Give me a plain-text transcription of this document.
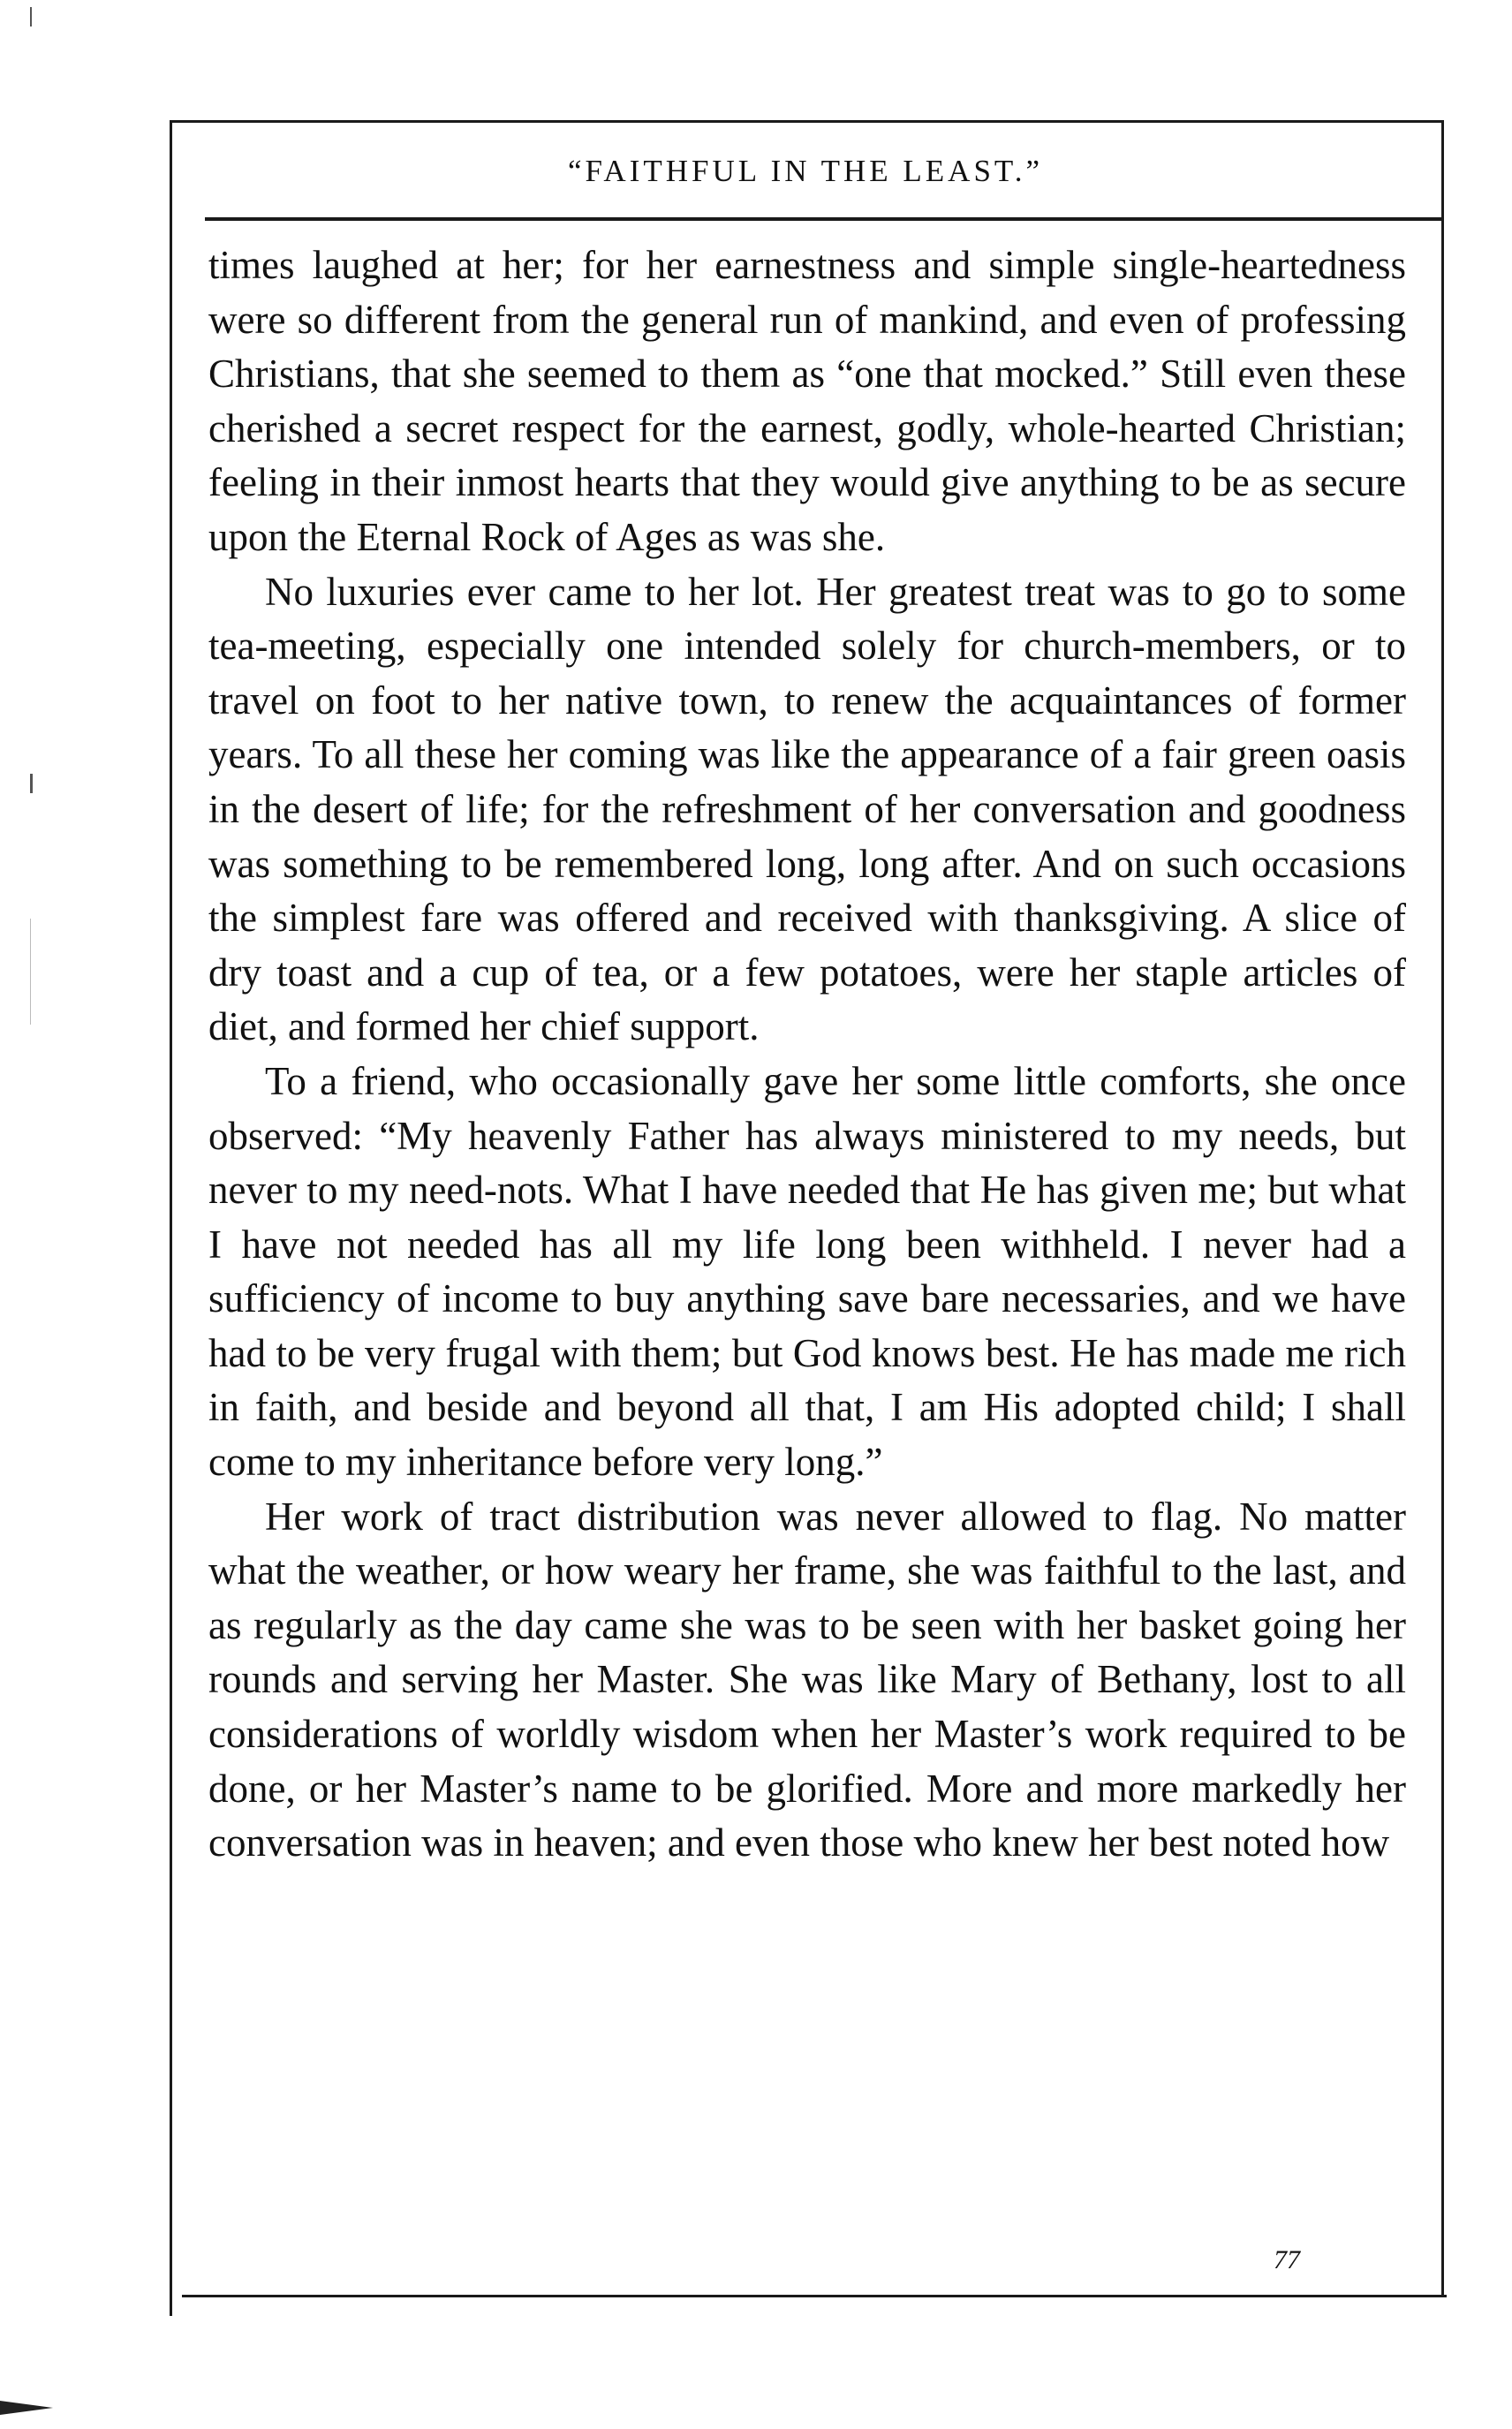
“FAITHFUL IN THE LEAST.”

times laughed at her; for her earnestness and simple single-heartedness were so different from the general run of mankind, and even of professing Christians, that she seemed to them as “one that mocked.” Still even these cherished a secret respect for the earnest, godly, whole-hearted Christian; feeling in their inmost hearts that they would give anything to be as secure upon the Eternal Rock of Ages as was she.

No luxuries ever came to her lot. Her greatest treat was to go to some tea-meeting, especially one intended solely for church-members, or to travel on foot to her native town, to renew the acquaintances of former years. To all these her coming was like the appearance of a fair green oasis in the desert of life; for the refreshment of her conversation and goodness was something to be remembered long, long after. And on such occasions the simplest fare was offered and received with thanksgiving. A slice of dry toast and a cup of tea, or a few potatoes, were her staple articles of diet, and formed her chief support.

To a friend, who occasionally gave her some little comforts, she once observed: “My heavenly Father has always ministered to my needs, but never to my need-nots. What I have needed that He has given me; but what I have not needed has all my life long been withheld. I never had a sufficiency of income to buy anything save bare necessaries, and we have had to be very frugal with them; but God knows best. He has made me rich in faith, and beside and beyond all that, I am His adopted child; I shall come to my inheritance before very long.”

Her work of tract distribution was never allowed to flag. No matter what the weather, or how weary her frame, she was faithful to the last, and as regularly as the day came she was to be seen with her basket going her rounds and serving her Master. She was like Mary of Bethany, lost to all considerations of worldly wisdom when her Master’s work required to be done, or her Master’s name to be glorified. More and more markedly her conversation was in heaven; and even those who knew her best noted how

77
